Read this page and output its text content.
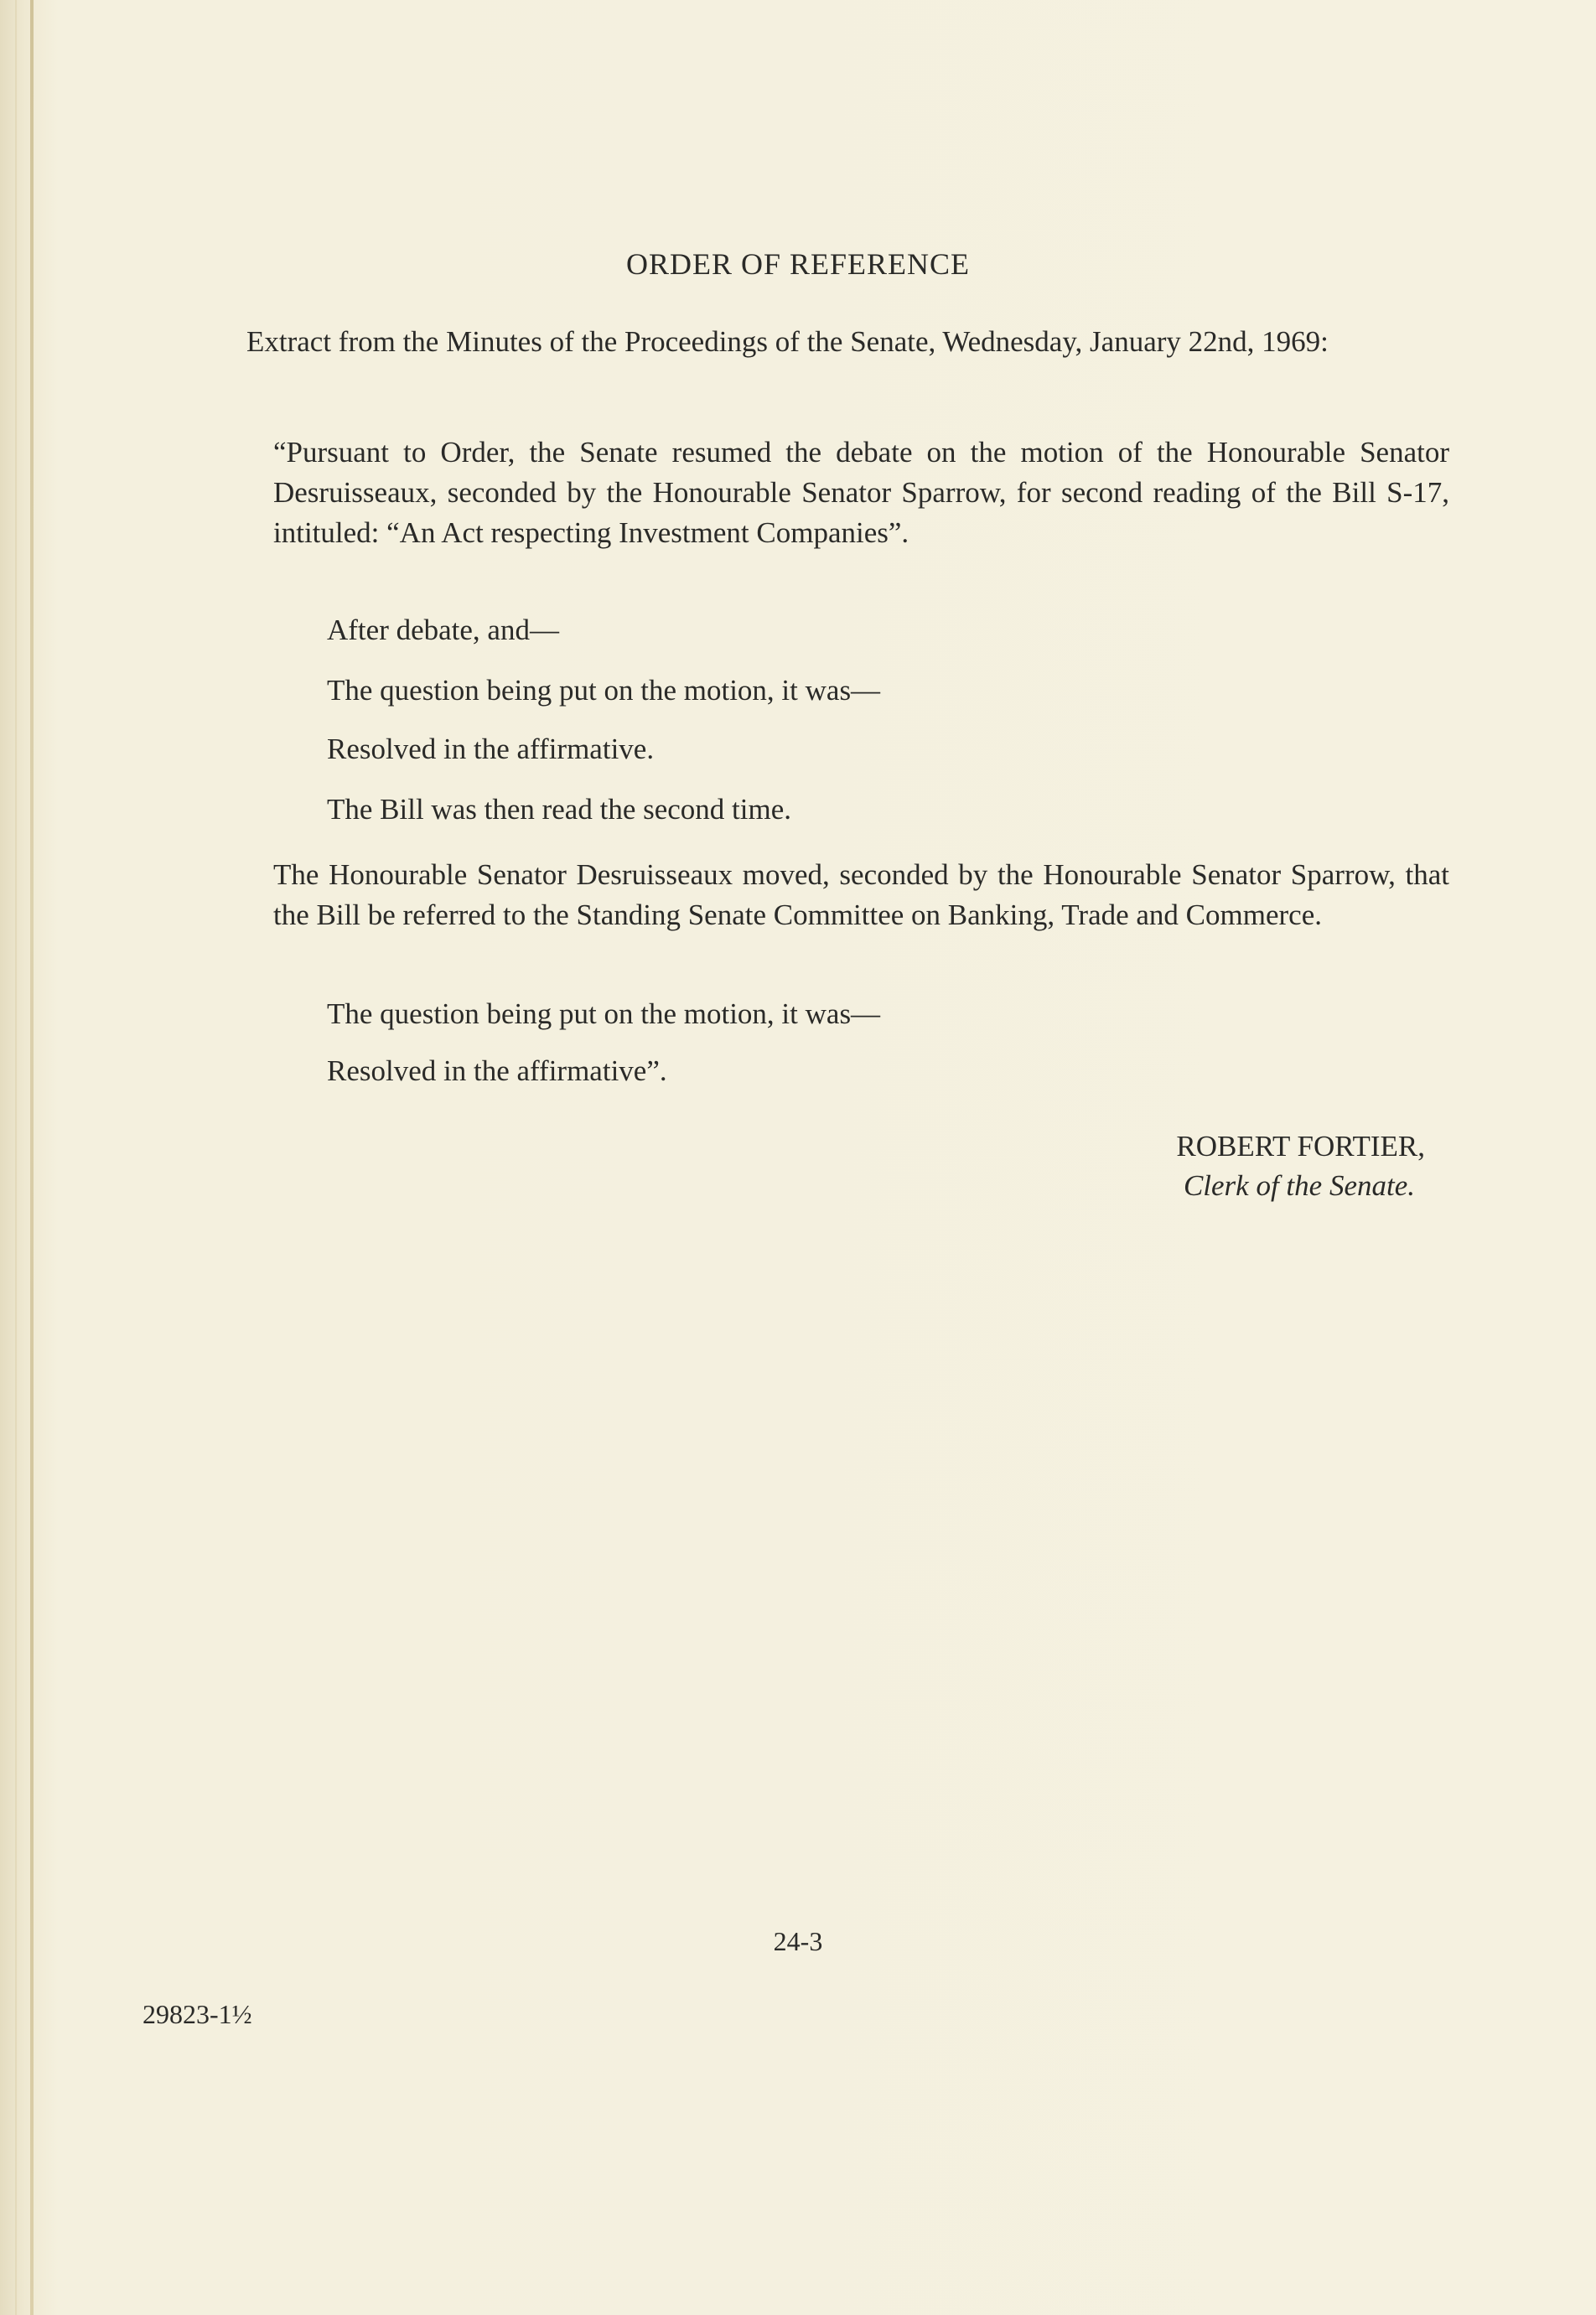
ORDER OF REFERENCE

Extract from the Minutes of the Proceedings of the Senate, Wednesday, January 22nd, 1969:

“Pursuant to Order, the Senate resumed the debate on the motion of the Honourable Senator Desruisseaux, seconded by the Honourable Senator Sparrow, for second reading of the Bill S-17, intituled: “An Act respecting Investment Companies”.

After debate, and—
The question being put on the motion, it was—
Resolved in the affirmative.
The Bill was then read the second time.

The Honourable Senator Desruisseaux moved, seconded by the Honourable Senator Sparrow, that the Bill be referred to the Standing Senate Committee on Banking, Trade and Commerce.

The question being put on the motion, it was—
Resolved in the affirmative”.
ROBERT FORTIER,
Clerk of the Senate.
24-3
29823-1½
